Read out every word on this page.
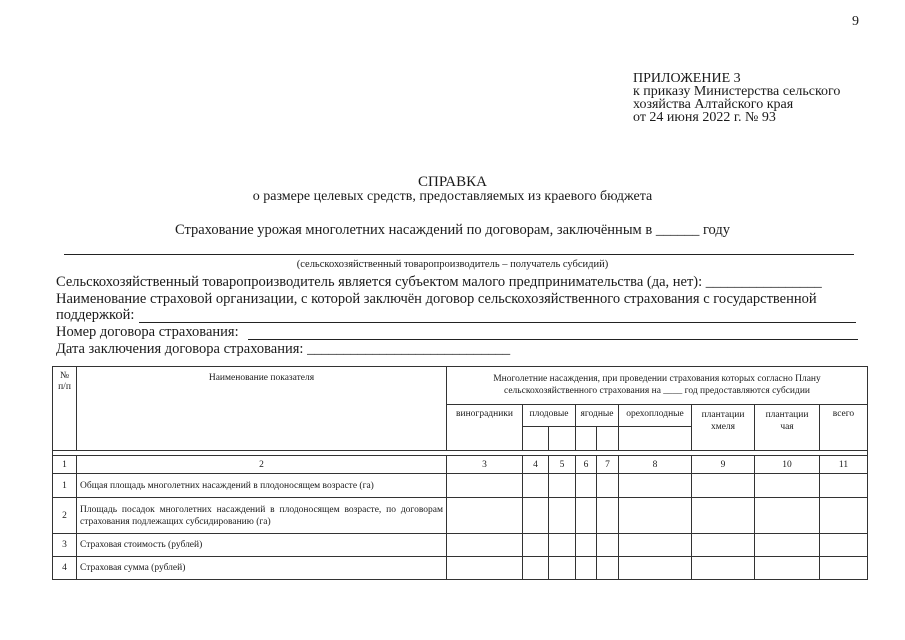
9
ПРИЛОЖЕНИЕ 3
к приказу Министерства сельского
хозяйства Алтайского края
от 24 июня 2022 г. № 93
СПРАВКА
о размере целевых средств, предоставляемых из краевого бюджета
Страхование урожая многолетних насаждений по договорам, заключённым в ______ году
(сельскохозяйственный товаропроизводитель – получатель субсидий)
Сельскохозяйственный товаропроизводитель является субъектом малого предпринимательства (да, нет): ________________
Наименование страховой организации, с которой заключён договор сельскохозяйственного страхования с государственной
поддержкой:
Номер договора страхования:
Дата заключения договора страхования: ____________________________
№ п/п	Наименование показателя	Многолетние насаждения, при проведении страхования которых согласно Плану
сельскохозяйственного страхования на ____ год предоставляются субсидии								

		виноградники	плодовые		ягодные		орехоплодные	плантации хмеля	плантации чая	всего

1	2	3	4	5	6	7	8	9	10	11
1	Общая площадь многолетних насаждений в плодоносящем возрасте (га)									
2	Площадь посадок многолетних насаждений в плодоносящем возрасте, по договорам страхования подлежащих субсидированию (га)									
3	Страховая стоимость (рублей)									
4	Страховая сумма (рублей)									
